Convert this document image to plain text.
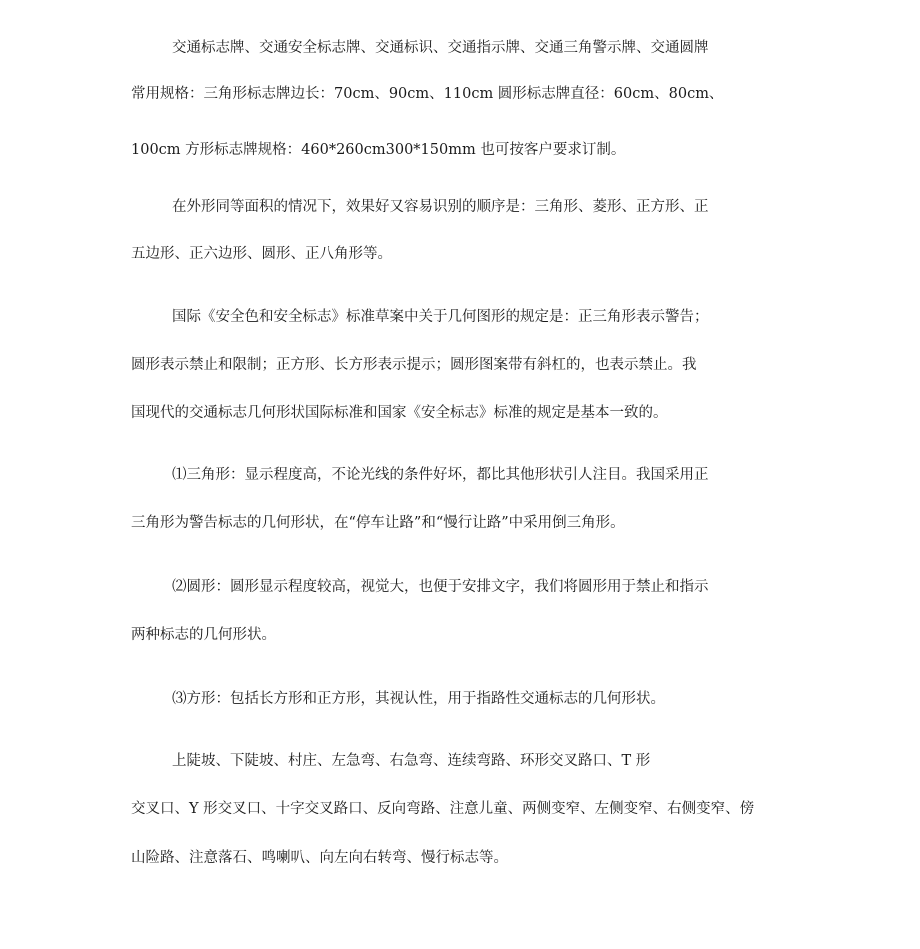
交通标志牌、交通安全标志牌、交通标识、交通指示牌、交通三角警示牌、交通圆牌
常用规格：三角形标志牌边长：70cm、90cm、110cm 圆形标志牌直径：60cm、80cm、
100cm 方形标志牌规格：460*260cm300*150mm 也可按客户要求订制。
在外形同等面积的情况下，效果好又容易识别的顺序是：三角形、菱形、正方形、正
五边形、正六边形、圆形、正八角形等。
国际《安全色和安全标志》标准草案中关于几何图形的规定是：正三角形表示警告；
圆形表示禁止和限制；正方形、长方形表示提示；圆形图案带有斜杠的，也表示禁止。我
国现代的交通标志几何形状国际标准和国家《安全标志》标准的规定是基本一致的。
⑴三角形：显示程度高，不论光线的条件好坏，都比其他形状引人注目。我国采用正
三角形为警告标志的几何形状，在“停车让路”和“慢行让路”中采用倒三角形。
⑵圆形：圆形显示程度较高，视觉大，也便于安排文字，我们将圆形用于禁止和指示
两种标志的几何形状。
⑶方形：包括长方形和正方形，其视认性，用于指路性交通标志的几何形状。
上陡坡、下陡坡、村庄、左急弯、右急弯、连续弯路、环形交叉路口、T 形
交叉口、Y 形交叉口、十字交叉路口、反向弯路、注意儿童、两侧变窄、左侧变窄、右侧变窄、傍
山险路、注意落石、鸣喇叭、向左向右转弯、慢行标志等。
